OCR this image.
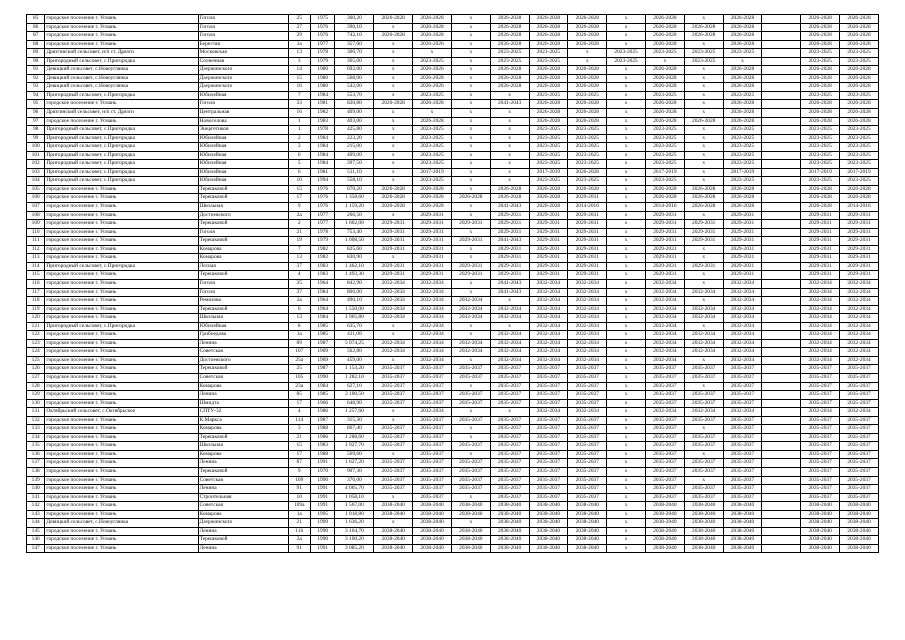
85	городское поселение г. Усмань	Гоголя	25	1975	360,20	2026-2028	2026-2028	х	2026-2028	2026-2028	2026-2028	х	2026-2028	х	2026-2028		2026-2028	2026-2028
86	городское поселение г. Усмань	Гоголя	27	1976	390,10	х	2026-2028	х	2026-2028	2026-2028	2026-2028	х	2026-2028	2026-2028	2026-2028		2026-2028	2026-2028
87	городское поселение г. Усмань	Гоголя	29	1976	742,10	2026-2028	2026-2028	х	2026-2028	2026-2028	2026-2028	х	2026-2028	2026-2028	2026-2028		2026-2028	2026-2028
88	городское поселение г. Усмань	Берестяя	1а	1977	357,60	х	2026-2026	х	2026-2028	2026-2028	2026-2028	х	2026-2028	х	2026-2028		2026-2028	2026-2028
89	Дрязгинский сельсовет, н/п ст. Дрязги	Московская	13	1978	300,70	х	х	х	2023-2025	2021-2025	х	2023-2025	2023-2025	2023-2025	2023-2025		2023-2025	2023-2025
90	Пригородный сельсовет, с.Пригородка	Солнечная	3	1979	365,00	х	2023-2025	х	2023-2025	2023-2025	х	2023-2025	х	2023-2025	х		2023-2025	2023-2025
91	Девицкий сельсовет, с.Новоуглянка	Дзержинского	14	1980	692,00	х	2026-2026	х	2026-2028	2026-2028	2026-2028	х	2026-2028	х	2026-2028		2026-2028	2026-2028
92	Девицкий сельсовет, с.Новоуглянка	Дзержинского	15	1980	568,00	х	2026-2028	х	2026-2028	2026-2028	2026-2028	х	2026-2028	х	2026-2028		2026-2028	2026-2028
93	Девицкий сельсовет, с.Новоуглянка	Дзержинского	16	1980	542,00	х	2026-2026	х	2026-2028	2026-2028	2026-2028	х	2026-2028	х	2026-2028		2026-2028	2026-2028
94	Пригородный сельсовет, с.Пригородка	Юбилейная	7	1984	553,70	х	2023-2025	х	х	2023-2025	2023-2025	х	2023-2025	х	2023-2025		2023-2025	2023-2025
95	городское поселение г. Усмань	Гоголя	33	1981	820,80	2026-2028	2026-2028	х	2041-2043	2026-2028	2026-2028	х	2026-2028	х	2026-2028		2026-2028	2026-2028
96	Дрязгинский сельсовет, н/п ст. Дрязги	Центральная	16	1982	409,00	х	х	х	х	2026-2028	2026-2028	х	2026-2028	х	2026-2028		2026-2028	2026-2028
97	городское поселение г. Усмань	Новоселова	1	1983	403,00	х	2026-2028	х	х	2026-2028	2026-2028	х	2026-2028	2026-2028	2026-2028		2026-2028	2026-2028
98	Пригородный сельсовет, с.Пригородка	Энергетиков	1	1978	425,80	х	2023-2025	х	х	2023-2025	2023-2025	х	2023-2025	х	2023-2025		2023-2025	2023-2025
99	Пригородный сельсовет, с.Пригородка	Юбилейная	2	1984	223,20	х	2023-2025	х	х	2023-2025	2023-2025	х	2023-2025	х	2023-2025		2023-2025	2023-2025
100	Пригородный сельсовет, с.Пригородка	Юбилейная	3	1984	215,00	х	2023-2025	х	х	2023-2025	2023-2025	х	2023-2025	х	2023-2025		2023-2025	2023-2025
101	Пригородный сельсовет, с.Пригородка	Юбилейная	6	1984	409,00	х	2023-2025	х	х	2023-2025	2023-2025	х	2023-2025	х	2023-2025		2023-2025	2023-2025
102	Пригородный сельсовет, с.Пригородка	Юбилейная	5	1984	397,50	х	2023-2025	х	х	2023-2025	2023-2025	х	2023-2025	х	2023-2025		2023-2025	2023-2025
103	Пригородный сельсовет, с.Пригородка	Юбилейная	6	1981	511,10	х	2017-2019	х	х	2017-2019	2026-2028	х	2017-2019	х	2017-2019		2017-2019	2017-2019
104	Пригородный сельсовет, с.Пригородка	Юбилейная	10	1994	558,10	х	2023-2025	х	х	2023-2025	2023-2025	х	2023-2025	х	2023-2025		2023-2025	2023-2025
105	городское поселение г. Усмань	Терешковой	15	1976	670,20	2026-2028	2026-2028	х	2026-2028	2026-2028	2026-2028	х	2026-2028	2026-2028	2026-2028		2026-2028	2026-2028
106	городское поселение г. Усмань	Терешковой	17	1976	1 358,60	2026-2028	2026-2028	2026-2028	2026-2028	2026-2028	2029-2031	х	2026-2028	2026-2028	2026-2028		2026-2028	2026-2028
107	городское поселение г. Усмань	Школьная	9	1976	1 159,20	2026-2028	2026-2028	х	2041-2043	2026-2028	2014-2016	х	2014-2016	2026-2028	2026-2028		2026-2028	2014-2016
108	городское поселение г. Усмань	Достоевского	2а	1977	266,50	х	2029-2031	х	2029-2031	2029-2031	2029-2031	х	2029-2031	х	2029-2031		2029-2031	2029-2031
109	городское поселение г. Усмань	Терешковой	2	1977	1 602,00	2029-2031	2029-2031	2029-2031	2029-2031	2029-2031	2029-2031	х	2029-2031	2029-2031	2029-2031		2029-2031	2029-2031
110	городское поселение г. Усмань	Гоголя	21	1978	753,40	2029-2031	2029-2031	х	2029-2031	2029-2031	2029-2031	х	2029-2031	2029-2031	2029-2031		2029-2031	2029-2031
111	городское поселение г. Усмань	Терешковой	19	1979	1 008,50	2029-2031	2029-2031	2029-2031	2041-2043	2029-2031	2029-2031	х	2029-2031	2029-2031	2029-2031		2029-2031	2029-2031
112	городское поселение г. Усмань	Комарова	7	1982	825,60	2029-2031	2029-2031	х	2029-2031	2029-2031	2029-2031	х	2029-2031	х	2029-2031		2029-2031	2029-2031
113	городское поселение г. Усмань	Комарова	13	1982	830,90	х	2029-2031	х	2029-2031	2029-2031	2029-2031	х	2029-2031	х	2029-2031		2029-2031	2029-2031
114	Пригородный сельсовет, с.Пригородка	Лесная	37	1983	1 462,10	2029-2031	2029-2031	2029-2031	2029-2031	2029-2031	2029-2031	х	2029-2031	2029-2031	2029-2031		2029-2031	2029-2031
115	городское поселение г. Усмань	Терешковой	4	1983	1 493,30	2029-2031	2029-2031	2029-2031	2029-2031	2029-2031	2029-2031	х	2029-2031	х	2029-2031		2029-2031	2029-2031
116	городское поселение г. Усмань	Гоголя	35	1964	842,90	2032-2034	2032-2034	х	2041-2043	2032-2034	2032-2034	х	2032-2034	х	2032-2034		2032-2034	2032-2034
117	городское поселение г. Усмань	Гоголя	37	1984	806,00	2032-2034	2032-2034	х	2041-2043	2032-2034	2032-2034	х	2032-2034	2032-2034	2032-2034		2032-2034	2032-2034
118	городское поселение г. Усмань	Ремизова	2а	1964	490,10	2032-2034	2032-2034	2032-2034	х	2032-2034	2032-2034	х	2032-2034	х	2032-2034		2032-2034	2032-2034
119	городское поселение г. Усмань	Терешковой	6	1964	1 550,00	2032-2034	2032-2034	2032-2034	2032-2034	2032-2034	2032-2034	х	2032-2034	2032-2034	2032-2034		2032-2034	2032-2034
120	городское поселение г. Усмань	Школьная	13	1984	1 905,80	2032-2034	2032-2034	2032-2034	2032-2034	2032-2034	2032-2034	х	2032-2034	2032-2034	2032-2034		2032-2034	2032-2034
121	Пригородный сельсовет, с.Пригородка	Юбилейная	8	1985	635,70	х	2032-2034	х	х	2032-2034	2032-2034	х	2032-2034	х	2032-2034		2032-2034	2032-2034
122	городское поселение г. Усмань	Грибоедова	1а	1985	411,00	х	2032-2034	х	2032-2034	2032-2034	2032-2034	х	2032-2034	2032-2034	2032-2034		2032-2034	2032-2034
123	городское поселение г. Усмань	Ленина	89	1987	5 074,25	2032-2034	2032-2034	2032-2034	2032-2034	2032-2034	2032-2034	х	2032-2034	2032-2034	2032-2034		2032-2034	2032-2034
124	городское поселение г. Усмань	Советская	107	1969	562,80	2032-2034	2032-2034	2032-2034	2032-2034	2032-2034	2032-2034	х	2032-2034	2032-2034	2032-2034		2032-2034	2032-2034
125	городское поселение г. Усмань	Достоевского	25а	1969	459,00	х	2032-2034	х	2032-2034	2032-2034	2032-2034	х	2032-2034	х	2032-2034		2032-2034	2032-2034
126	городское поселение г. Усмань	Терешковой	25	1987	1 153,20	2035-2037	2035-2037	2035-2037	2035-2037	2035-2037	2035-2037	х	2035-2037	2035-2037	2035-2037		2035-2037	2035-2037
127	городское поселение г. Усмань	Советская	105	1990	1 282,10	2035-2037	2035-2037	2035-2037	2035-2037	2035-2037	2035-2037	х	2035-2037	2035-2037	2035-2037		2035-2037	2035-2037
128	городское поселение г. Усмань	Комарова	23а	1984	627,10	2035-2037	2035-2037	х	2035-2037	2035-2037	2035-2037	х	2035-2037	х	2035-2037		2035-2037	2035-2037
129	городское поселение г. Усмань	Ленина	85	1985	3 100,50	2035-2037	2035-2037	2035-2037	2035-2037	2035-2037	2035-2037	х	2035-2037	2035-2037	2035-2037		2035-2037	2035-2037
130	городское поселение г. Усмань	Шмидта	17	1966	648,90	2035-2037	2035-2037	2035-2037	2035-2037	2035-2037	2035-2037	х	2035-2037	2035-2037	2035-2037		2035-2037	2035-2037
131	Октябрьский сельсовет, с.Октябрьское	СПТУ-32	4	1986	1 257,60	х	2032-2034	х	х	2032-2034	2032-2034	х	2032-2034	2032-2034	2032-2034		2032-2034	2032-2034
132	городское поселение г. Усмань	К.Маркса	114	1987	315,30	х	2035-2037	2035-2037	2035-2037	2035-2037	2035-2037	х	2035-2037	2035-2037	2035-2037		2035-2037	2035-2037
133	городское поселение г. Усмань	Комарова	3	1988	867,40	2035-2037	2035-2037	х	2035-2037	2035-2037	2035-2037	х	2035-2037	х	2035-2037		2035-2037	2035-2037
134	городское поселение г. Усмань	Терешковой	21	1986	1 288,60	2035-2037	2035-2037	х	2035-2037	2035-2037	2035-2037	х	2035-2037	2035-2037	2035-2037		2035-2037	2035-2037
135	городское поселение г. Усмань	Школьная	15	1983	1 927,70	2035-2037	2035-2037	2035-2037	2035-2037	2035-2037	2035-2037	х	2035-2037	2035-2037	2035-2037		2035-2037	2035-2037
136	городское поселение г. Усмань	Комарова	17	1988	569,60	х	2035-2037	х	2035-2037	2035-2037	2035-2037	х	2035-2037	х	2035-2037		2035-2037	2035-2037
137	городское поселение г. Усмань	Ленина	87	1991	1 627,20	2035-2037	2035-2037	2035-2037	2035-2037	2035-2037	2035-2037	х	2035-2037	2035-2037	2035-2037		2035-2037	2035-2037
138	городское поселение г. Усмань	Терешковой	9	1970	907,30	2035-2037	2035-2037	2035-2037	2035-2037	2035-2037	2035-2037	х	2035-2037	2035-2037	2035-2037		2035-2037	2035-2037
139	городское поселение г. Усмань	Советская	109	1990	376,00	2035-2037	2035-2037	2035-2037	2035-2037	2035-2037	2035-2037	х	2035-2037	х	2035-2037		2035-2037	2035-2037
140	городское поселение г. Усмань	Ленина	91	1991	4 065,70	2035-2037	2035-2037	2035-2037	2035-2037	2035-2037	2035-2037	х	2035-2037	2035-2037	2035-2037		2035-2037	2035-2037
141	городское поселение г. Усмань	Строительная	10	1991	1 058,10	х	2035-2037	х	2035-2037	2035-2037	2035-2037	х	2035-2037	2035-2037	2035-2037		2035-2037	2035-2037
142	городское поселение г. Усмань	Советская	109а	1991	1 567,00	2038-2040	2038-2040	2038-2040	2038-2040	2038-2040	2038-2040	х	2038-2040	2038-2040	2038-2040		2038-2040	2038-2040
143	городское поселение г. Усмань	Комарова	1а	1995	1 018,80	2038-2040	2038-2040	2038-2040	2038-2040	2038-2040	2038-2040	х	2038-2040	2038-2040	2038-2040		2038-2040	2038-2040
144	Девицкий сельсовет, с.Новоуглянка	Дзержинского	21	1999	1 636,20	х	2038-2040	х	2038-2040	2038-2040	2038-2040	х	2038-2040	2038-2040	2038-2040		2038-2040	2038-2040
145	городское поселение г. Усмань	Ленина	116	1990	3 104,70	2038-2040	2038-2040	2038-2040	2038-2040	2038-2040	2038-2040	х	2038-2040	2038-2040	2038-2040		2038-2040	2038-2040
146	городское поселение г. Усмань	Терешковой	2а	1990	3 100,20	2038-2040	2038-2040	2038-2040	2038-2040	2038-2040	2038-2040	х	2038-2040	2038-2040	2038-2040		2038-2040	2038-2040
147	городское поселение г. Усмань	Ленина	91	1991	3 085,20	2038-2040	2038-2040	2038-2040	2038-2040	2038-2040	2038-2040	х	2038-2040	2038-2040	2038-2040		2038-2040	2038-2040
